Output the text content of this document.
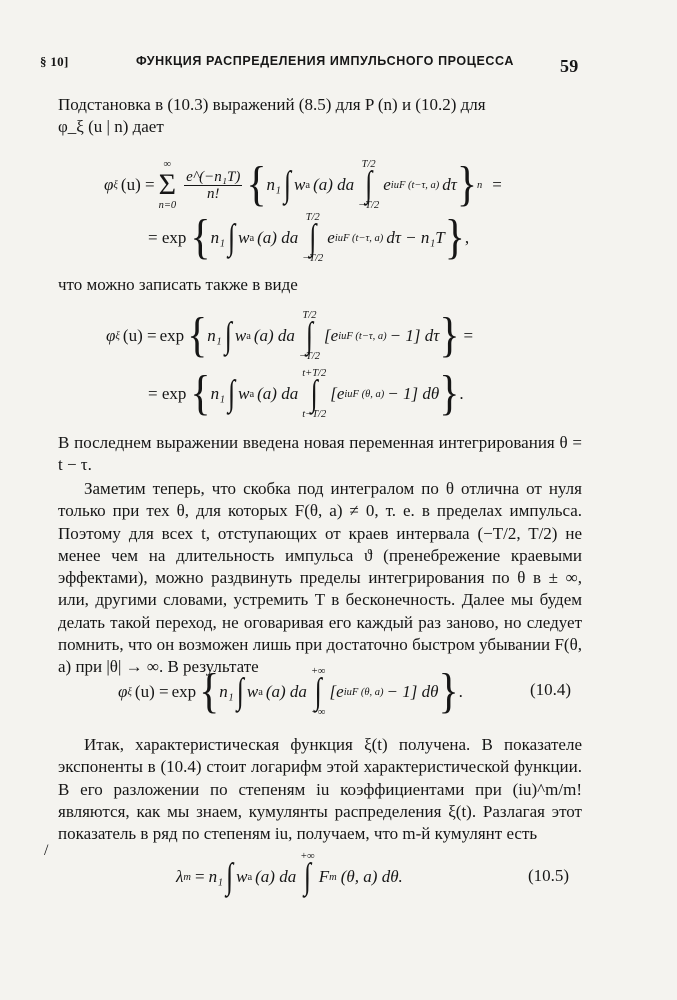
§ 10]	ФУНКЦИЯ РАСПРЕДЕЛЕНИЯ ИМПУЛЬСНОГО ПРОЦЕССА	59

Подстановка в (10.3) выражений (8.5) для P (n) и (10.2) для

φ_ξ (u | n) дает

φ ξ (u) =
∞
Σ
n=0
$\frac{\text{e\textasciicircum{}(−n₁T)}}{n!}$ { n₁ ∫ w a (a) da
T/2
∫
−T/2
e iuF (t−τ, a) dτ } n =
= exp { n₁ ∫ w a (a) da
T/2
∫
−T/2
e iuF (t−τ, a) dτ − n₁T } ,

что можно записать также в виде

φ ξ (u) = exp { n₁ ∫ w a (a) da
T/2
∫
−T/2
[e iuF (t−τ, a) − 1] dτ } =
= exp { n₁ ∫ w a (a) da
t+T/2
∫
t−T/2
[e iuF (θ, a) − 1] dθ } .

В последнем выражении введена новая переменная интегрирования θ = t − τ.

Заметим теперь, что скобка под интегралом по θ отлична от нуля только при тех θ, для которых F(θ, a) ≠ 0, т. е. в пределах импульса. Поэтому для всех t, отступающих от краев интервала (−T/2, T/2) не менее чем на длительность импульса ϑ (пренебрежение краевыми эффектами), можно раздвинуть пределы интегрирования по θ в ± ∞, или, другими словами, устремить T в бесконечность. Далее мы будем делать такой переход, не оговаривая его каждый раз заново, но следует помнить, что он возможен лишь при достаточно быстром убывании F(θ, a) при |θ| → ∞. В результате

φ ξ (u) = exp { n₁ ∫ w a (a) da
+∞
∫
−∞
[e iuF (θ, a) − 1] dθ } .	(10.4)

Итак, характеристическая функция ξ(t) получена. В показателе экспоненты в (10.4) стоит логарифм этой характеристической функции. В его разложении по степеням iu коэффициентами при (iu)^m/m! являются, как мы знаем, кумулянты распределения ξ(t). Разлагая этот показатель в ряд по степеням iu, получаем, что m-й кумулянт есть

/
λ m = n₁ ∫ w a (a) da
+∞
∫ F m (θ, a) dθ.	(10.5)
